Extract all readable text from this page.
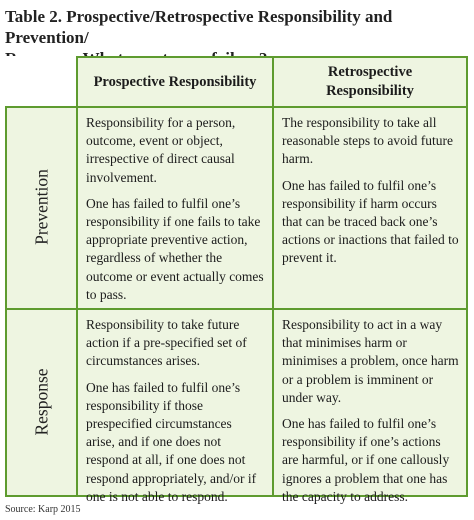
Table 2. Prospective/Retrospective Responsibility and Prevention/
Prospective Responsibility
Retrospective Responsibility
Prevention
Response

Responsibility for a person, outcome, event or object, irrespective of direct causal involvement.

One has failed to fulfil one’s responsibility if one fails to take appropriate preventive action, regardless of whether the outcome or event actually comes to pass.

The responsibility to take all reasonable steps to avoid future harm.

One has failed to fulfil one’s responsibility if harm occurs that can be traced back one’s actions or inactions that failed to prevent it.

Responsibility to take future action if a pre-specified set of circumstances arises.

One has failed to fulfil one’s responsibility if those prespecified circumstances arise, and if one does not respond at all, if one does not respond appropriately, and/or if one is not able to respond.

Responsibility to act in a way that minimises harm or minimises a problem, once harm or a problem is imminent or under way.

One has failed to fulfil one’s responsibility if one’s actions are harmful, or if one callously ignores a problem that one has the capacity to address.

Source: Karp 2015
